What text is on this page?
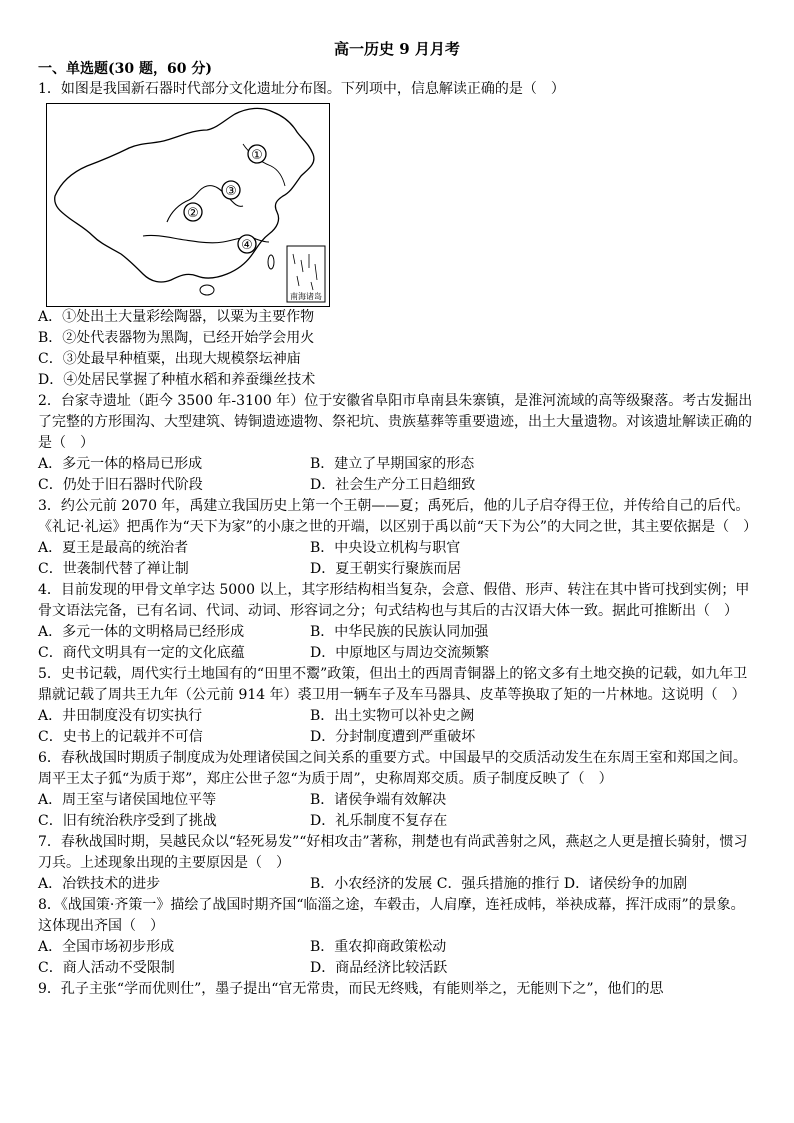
高一历史 9 月月考
一、单选题(30 题，60 分)

1．如图是我国新石器时代部分文化遗址分布图。下列项中，信息解读正确的是（　）

①
②
③
④
南海诸岛
A．①处出土大量彩绘陶器，以粟为主要作物
B．②处代表器物为黑陶，已经开始学会用火
C．③处最早种植粟，出现大规模祭坛神庙
D．④处居民掌握了种植水稻和养蚕缫丝技术

2．台家寺遗址（距今 3500 年-3100 年）位于安徽省阜阳市阜南县朱寨镇，是淮河流域的高等级聚落。考古发掘出了完整的方形围沟、大型建筑、铸铜遗迹遗物、祭祀坑、贵族墓葬等重要遗迹，出土大量遗物。对该遗址解读正确的是（　）

A．多元一体的格局已形成	B．建立了早期国家的形态
C．仍处于旧石器时代阶段	D．社会生产分工日趋细致

3．约公元前 2070 年，禹建立我国历史上第一个王朝——夏；禹死后，他的儿子启夺得王位，并传给自己的后代。《礼记·礼运》把禹作为“天下为家”的小康之世的开端，以区别于禹以前“天下为公”的大同之世，其主要依据是（　）

A．夏王是最高的统治者	B．中央设立机构与职官
C．世袭制代替了禅让制	D．夏王朝实行聚族而居

4．目前发现的甲骨文单字达 5000 以上，其字形结构相当复杂，会意、假借、形声、转注在其中皆可找到实例；甲骨文语法完备，已有名词、代词、动词、形容词之分；句式结构也与其后的古汉语大体一致。据此可推断出（　）

A．多元一体的文明格局已经形成	B．中华民族的民族认同加强
C．商代文明具有一定的文化底蕴	D．中原地区与周边交流频繁

5．史书记载，周代实行土地国有的“田里不鬻”政策，但出土的西周青铜器上的铭文多有土地交换的记载，如九年卫鼎就记载了周共王九年（公元前 914 年）裘卫用一辆车子及车马器具、皮革等换取了矩的一片林地。这说明（　）

A．井田制度没有切实执行	B．出土实物可以补史之阙
C．史书上的记载并不可信	D．分封制度遭到严重破坏

6．春秋战国时期质子制度成为处理诸侯国之间关系的重要方式。中国最早的交质活动发生在东周王室和郑国之间。周平王太子狐“为质于郑”，郑庄公世子忽“为质于周”，史称周郑交质。质子制度反映了（　）

A．周王室与诸侯国地位平等	B．诸侯争端有效解决
C．旧有统治秩序受到了挑战	D．礼乐制度不复存在

7．春秋战国时期，吴越民众以“轻死易发”“好相攻击”著称，荆楚也有尚武善射之风，燕赵之人更是擅长骑射，惯习刀兵。上述现象出现的主要原因是（　）

A．冶铁技术的进步	B．小农经济的发展 C．强兵措施的推行 D．诸侯纷争的加剧

8．《战国策·齐策一》描绘了战国时期齐国“临淄之途，车毂击，人肩摩，连衽成帏，举袂成幕，挥汗成雨”的景象。这体现出齐国（　）

A．全国市场初步形成	B．重农抑商政策松动
C．商人活动不受限制	D．商品经济比较活跃

9．孔子主张“学而优则仕”，墨子提出“官无常贵，而民无终贱，有能则举之，无能则下之”，他们的思
